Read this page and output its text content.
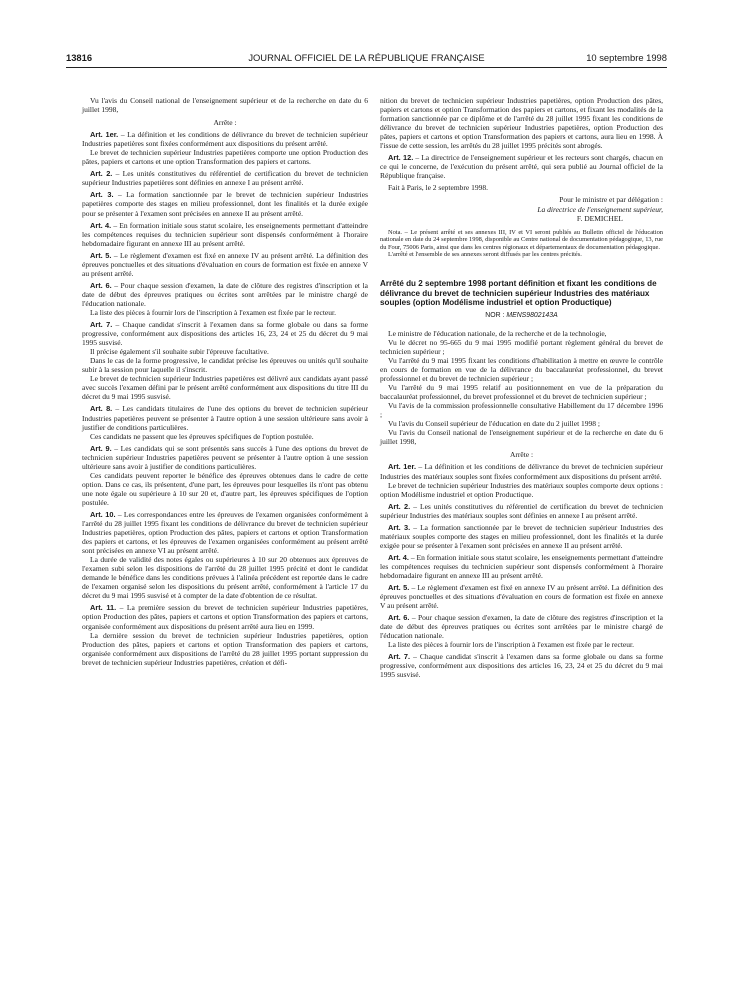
13816	JOURNAL OFFICIEL DE LA RÉPUBLIQUE FRANÇAISE	10 septembre 1998

Vu l'avis du Conseil national de l'enseignement supérieur et de la recherche en date du 6 juillet 1998,

Arrête :

Art. 1er. – La définition et les conditions de délivrance du brevet de technicien supérieur Industries papetières sont fixées conformément aux dispositions du présent arrêté.

Le brevet de technicien supérieur Industries papetières comporte une option Production des pâtes, papiers et cartons et une option Transformation des papiers et cartons.

Art. 2. – Les unités constitutives du référentiel de certification du brevet de technicien supérieur Industries papetières sont définies en annexe I au présent arrêté.

Art. 3. – La formation sanctionnée par le brevet de technicien supérieur Industries papetières comporte des stages en milieu professionnel, dont les finalités et la durée exigée pour se présenter à l'examen sont précisées en annexe II au présent arrêté.

Art. 4. – En formation initiale sous statut scolaire, les enseignements permettant d'atteindre les compétences requises du technicien supérieur sont dispensés conformément à l'horaire hebdomadaire figurant en annexe III au présent arrêté.

Art. 5. – Le règlement d'examen est fixé en annexe IV au présent arrêté. La définition des épreuves ponctuelles et des situations d'évaluation en cours de formation est fixée en annexe V au présent arrêté.

Art. 6. – Pour chaque session d'examen, la date de clôture des registres d'inscription et la date de début des épreuves pratiques ou écrites sont arrêtées par le ministre chargé de l'éducation nationale.

La liste des pièces à fournir lors de l'inscription à l'examen est fixée par le recteur.

Art. 7. – Chaque candidat s'inscrit à l'examen dans sa forme globale ou dans sa forme progressive, conformément aux dispositions des articles 16, 23, 24 et 25 du décret du 9 mai 1995 susvisé.

Il précise également s'il souhaite subir l'épreuve facultative.

Dans le cas de la forme progressive, le candidat précise les épreuves ou unités qu'il souhaite subir à la session pour laquelle il s'inscrit.

Le brevet de technicien supérieur Industries papetières est délivré aux candidats ayant passé avec succès l'examen défini par le présent arrêté conformément aux dispositions du titre III du décret du 9 mai 1995 susvisé.

Art. 8. – Les candidats titulaires de l'une des options du brevet de technicien supérieur Industries papetières peuvent se présenter à l'autre option à une session ultérieure sans avoir à justifier de conditions particulières.

Ces candidats ne passent que les épreuves spécifiques de l'option postulée.

Art. 9. – Les candidats qui se sont présentés sans succès à l'une des options du brevet de technicien supérieur Industries papetières peuvent se présenter à l'autre option à une session ultérieure sans avoir à justifier de conditions particulières.

Ces candidats peuvent reporter le bénéfice des épreuves obtenues dans le cadre de cette option. Dans ce cas, ils présentent, d'une part, les épreuves pour lesquelles ils n'ont pas obtenu une note égale ou supérieure à 10 sur 20 et, d'autre part, les épreuves spécifiques de l'option postulée.

Art. 10. – Les correspondances entre les épreuves de l'examen organisées conformément à l'arrêté du 28 juillet 1995 fixant les conditions de délivrance du brevet de technicien supérieur Industries papetières, option Production des pâtes, papiers et cartons et option Transformation des papiers et cartons, et les épreuves de l'examen organisées conformément au présent arrêté sont précisées en annexe VI au présent arrêté.

La durée de validité des notes égales ou supérieures à 10 sur 20 obtenues aux épreuves de l'examen subi selon les dispositions de l'arrêté du 28 juillet 1995 précité et dont le candidat demande le bénéfice dans les conditions prévues à l'alinéa précédent est reportée dans le cadre de l'examen organisé selon les dispositions du présent arrêté, conformément à l'article 17 du décret du 9 mai 1995 susvisé et à compter de la date d'obtention de ce résultat.

Art. 11. – La première session du brevet de technicien supérieur Industries papetières, option Production des pâtes, papiers et cartons et option Transformation des papiers et cartons, organisée conformément aux dispositions du présent arrêté aura lieu en 1999.

La dernière session du brevet de technicien supérieur Industries papetières, option Production des pâtes, papiers et cartons et option Transformation des papiers et cartons, organisée conformément aux dispositions de l'arrêté du 28 juillet 1995 portant suppression du brevet de technicien supérieur Industries papetières, création et défi-

nition du brevet de technicien supérieur Industries papetières, option Production des pâtes, papiers et cartons et option Transformation des papiers et cartons, et fixant les modalités de la formation sanctionnée par ce diplôme et de l'arrêté du 28 juillet 1995 fixant les conditions de délivrance du brevet de technicien supérieur Industries papetières, option Production des pâtes, papiers et cartons et option Transformation des papiers et cartons, aura lieu en 1998. À l'issue de cette session, les arrêtés du 28 juillet 1995 précités sont abrogés.

Art. 12. – La directrice de l'enseignement supérieur et les recteurs sont chargés, chacun en ce qui le concerne, de l'exécution du présent arrêté, qui sera publié au Journal officiel de la République française.

Fait à Paris, le 2 septembre 1998.

Pour le ministre et par délégation :

La directrice de l'enseignement supérieur,

F. DEMICHEL

Nota. – Le présent arrêté et ses annexes III, IV et VI seront publiés au Bulletin officiel de l'éducation nationale en date du 24 septembre 1998, disponible au Centre national de documentation pédagogique, 13, rue du Four, 75006 Paris, ainsi que dans les centres régionaux et départementaux de documentation pédagogique.

L'arrêté et l'ensemble de ses annexes seront diffusés par les centres précités.

Arrêté du 2 septembre 1998 portant définition et fixant les conditions de délivrance du brevet de technicien supérieur Industries des matériaux souples (option Modélisme industriel et option Productique)

NOR : MENS9802143A

Le ministre de l'éducation nationale, de la recherche et de la technologie,

Vu le décret no 95-665 du 9 mai 1995 modifié portant règlement général du brevet de technicien supérieur ;

Vu l'arrêté du 9 mai 1995 fixant les conditions d'habilitation à mettre en œuvre le contrôle en cours de formation en vue de la délivrance du baccalauréat professionnel, du brevet professionnel et du brevet de technicien supérieur ;

Vu l'arrêté du 9 mai 1995 relatif au positionnement en vue de la préparation du baccalauréat professionnel, du brevet professionnel et du brevet de technicien supérieur ;

Vu l'avis de la commission professionnelle consultative Habillement du 17 décembre 1996 ;

Vu l'avis du Conseil supérieur de l'éducation en date du 2 juillet 1998 ;

Vu l'avis du Conseil national de l'enseignement supérieur et de la recherche en date du 6 juillet 1998,

Arrête :

Art. 1er. – La définition et les conditions de délivrance du brevet de technicien supérieur Industries des matériaux souples sont fixées conformément aux dispositions du présent arrêté.

Le brevet de technicien supérieur Industries des matériaux souples comporte deux options : option Modélisme industriel et option Productique.

Art. 2. – Les unités constitutives du référentiel de certification du brevet de technicien supérieur Industries des matériaux souples sont définies en annexe I au présent arrêté.

Art. 3. – La formation sanctionnée par le brevet de technicien supérieur Industries des matériaux souples comporte des stages en milieu professionnel, dont les finalités et la durée exigée pour se présenter à l'examen sont précisées en annexe II au présent arrêté.

Art. 4. – En formation initiale sous statut scolaire, les enseignements permettant d'atteindre les compétences requises du technicien supérieur sont dispensés conformément à l'horaire hebdomadaire figurant en annexe III au présent arrêté.

Art. 5. – Le règlement d'examen est fixé en annexe IV au présent arrêté. La définition des épreuves ponctuelles et des situations d'évaluation en cours de formation est fixée en annexe V au présent arrêté.

Art. 6. – Pour chaque session d'examen, la date de clôture des registres d'inscription et la date de début des épreuves pratiques ou écrites sont arrêtées par le ministre chargé de l'éducation nationale.

La liste des pièces à fournir lors de l'inscription à l'examen est fixée par le recteur.

Art. 7. – Chaque candidat s'inscrit à l'examen dans sa forme globale ou dans sa forme progressive, conformément aux dispositions des articles 16, 23, 24 et 25 du décret du 9 mai 1995 susvisé.
